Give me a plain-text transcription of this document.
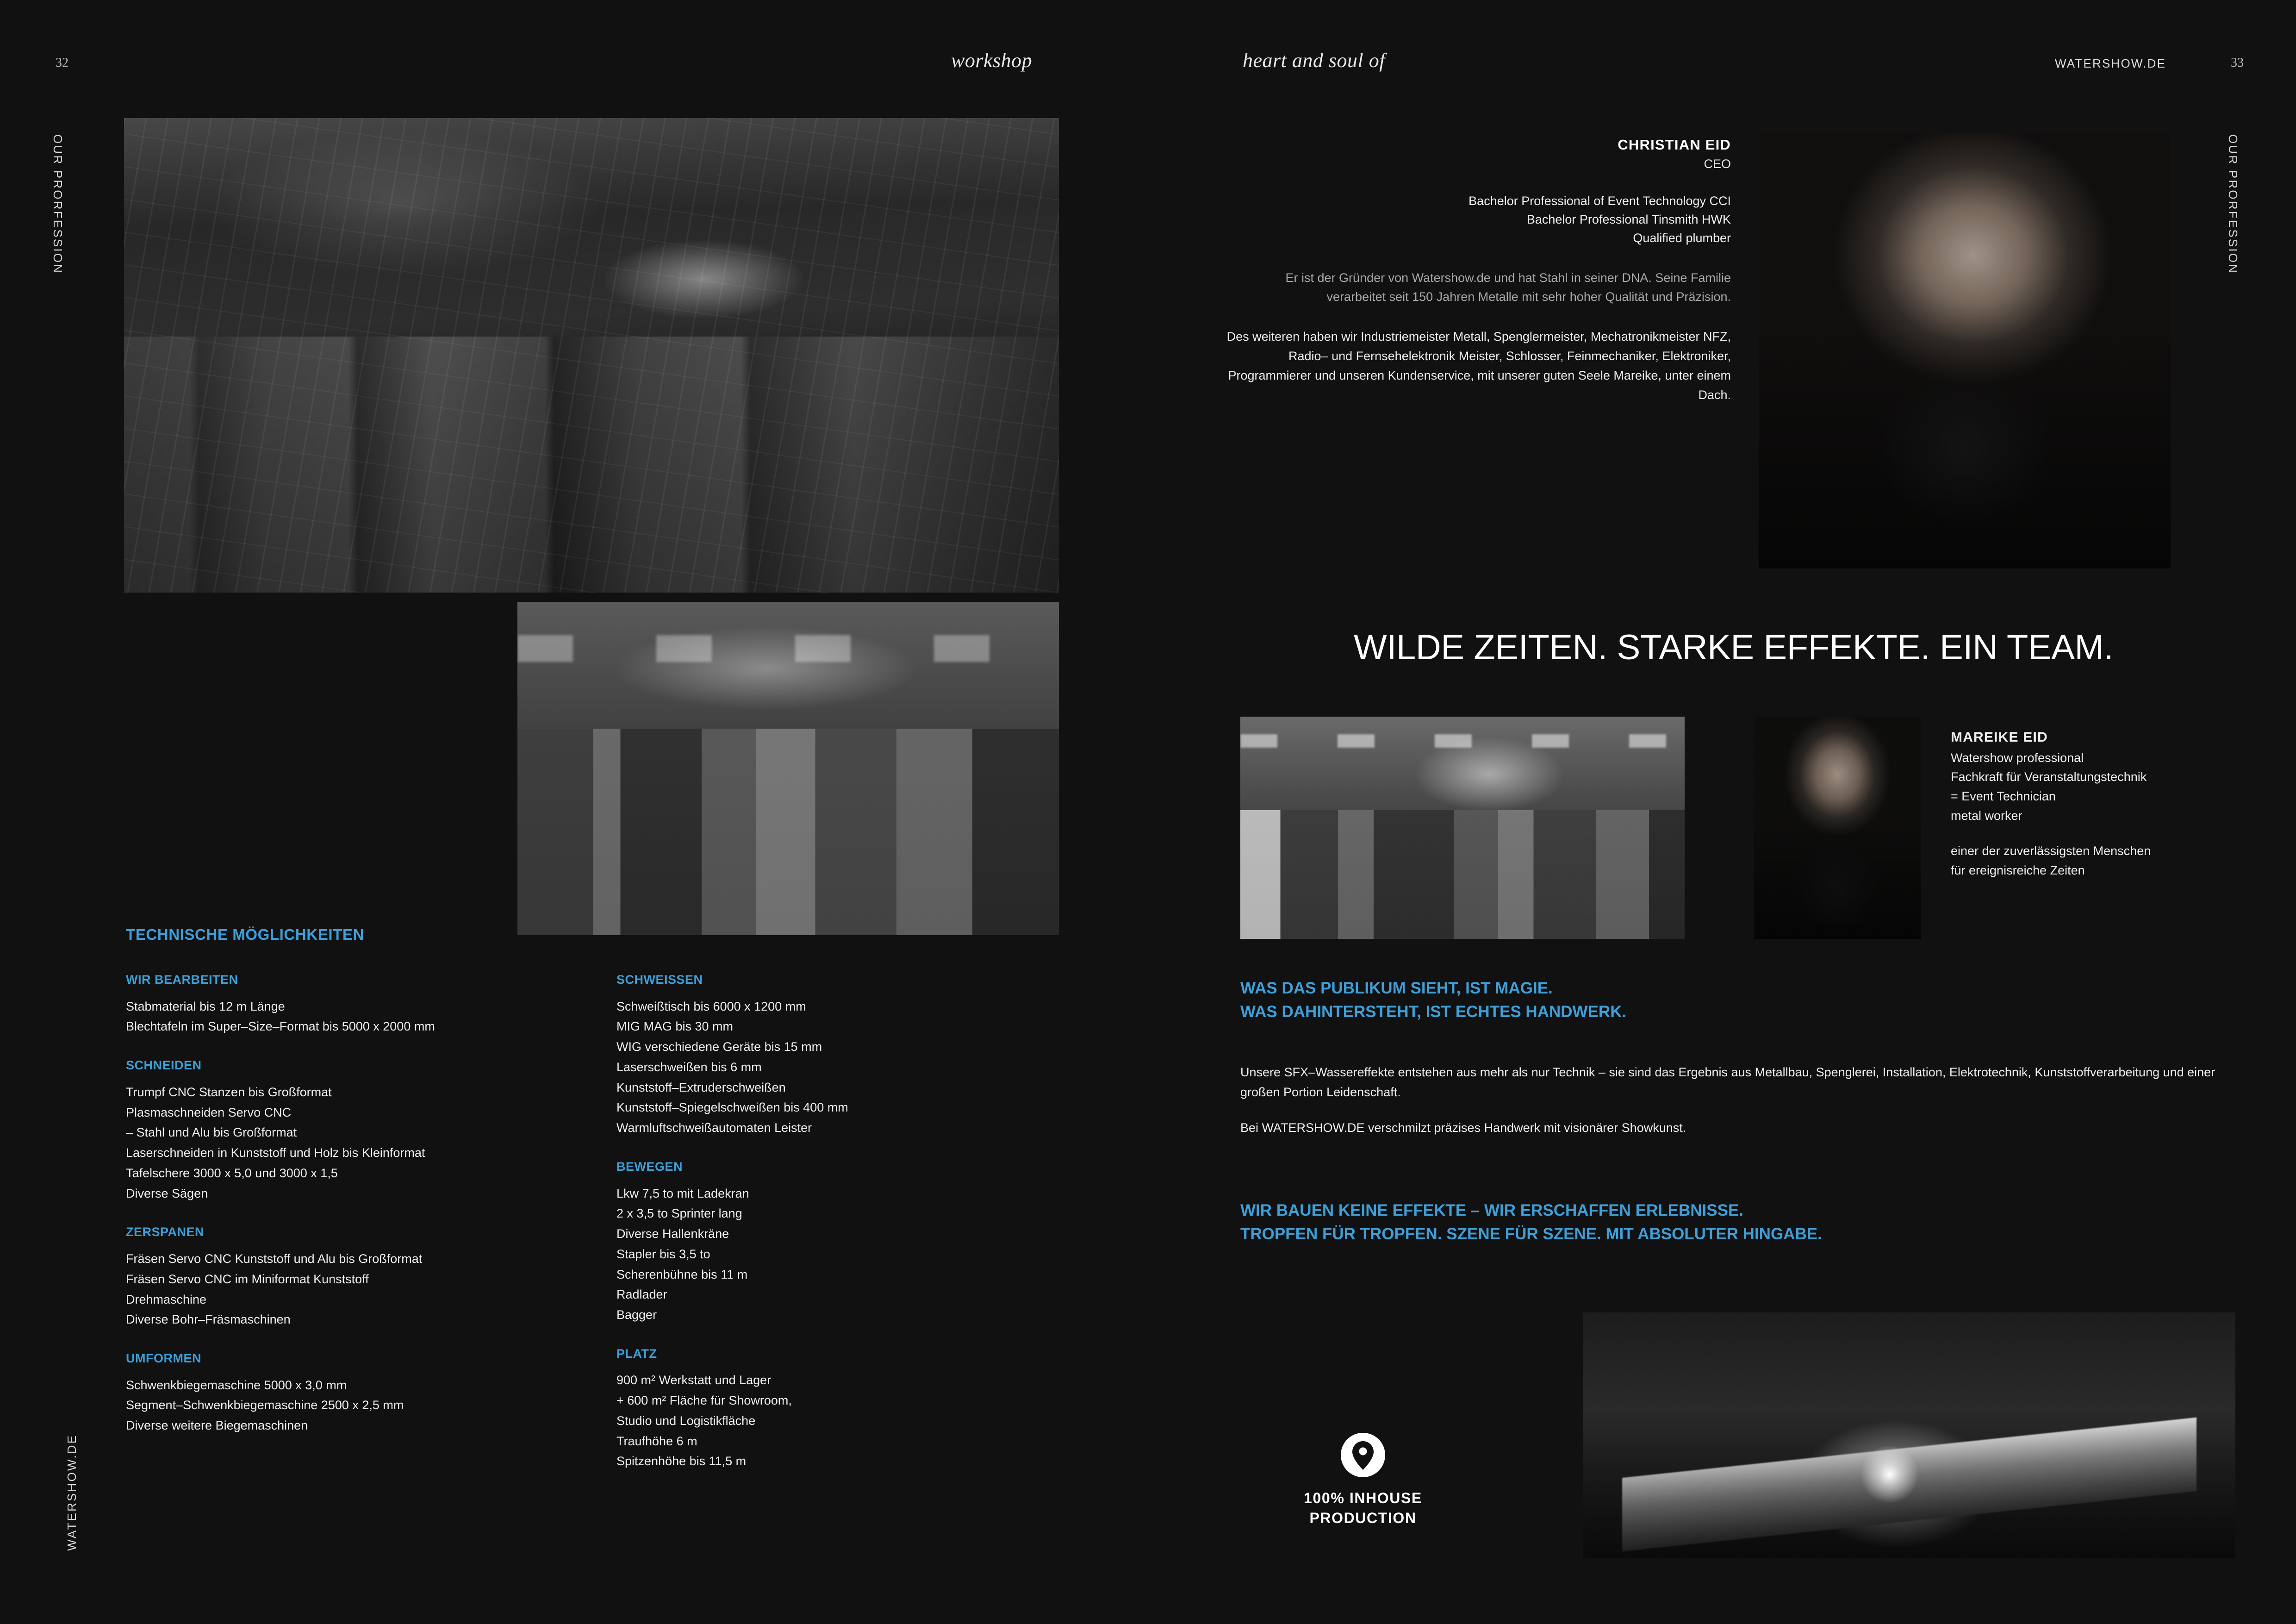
32	workshop	heart and soul of	WATERSHOW.DE	33
OUR PRORFESSION	OUR PRORFESSION
WATERSHOW.DE
TECHNISCHE MÖGLICHKEITEN
WIR BEARBEITEN

Stabmaterial bis 12 m Länge

Blechtafeln im Super–Size–Format bis 5000 x 2000 mm

SCHNEIDEN

Trumpf CNC Stanzen bis Großformat

Plasmaschneiden Servo CNC

– Stahl und Alu bis Großformat

Laserschneiden in Kunststoff und Holz bis Kleinformat

Tafelschere 3000 x 5,0 und 3000 x 1,5

Diverse Sägen

ZERSPANEN

Fräsen Servo CNC Kunststoff und Alu bis Großformat

Fräsen Servo CNC im Miniformat Kunststoff

Drehmaschine

Diverse Bohr–Fräsmaschinen

UMFORMEN

Schwenkbiegemaschine 5000 x 3,0 mm

Segment–Schwenkbiegemaschine 2500 x 2,5 mm

Diverse weitere Biegemaschinen

SCHWEISSEN

Schweißtisch bis 6000 x 1200 mm

MIG MAG bis 30 mm

WIG verschiedene Geräte bis 15 mm

Laserschweißen bis 6 mm

Kunststoff–Extruderschweißen

Kunststoff–Spiegelschweißen bis 400 mm

Warmluftschweißautomaten Leister

BEWEGEN

Lkw 7,5 to mit Ladekran

2 x 3,5 to Sprinter lang

Diverse Hallenkräne

Stapler bis 3,5 to

Scherenbühne bis 11 m

Radlader

Bagger

PLATZ

900 m² Werkstatt und Lager

+ 600 m² Fläche für Showroom,

Studio und Logistikfläche

Traufhöhe 6 m

Spitzenhöhe bis 11,5 m

CHRISTIAN EID

CEO

Bachelor Professional of Event Technology CCI

Bachelor Professional Tinsmith HWK

Qualified plumber

Er ist der Gründer von Watershow.de und hat Stahl in seiner DNA. Seine Familie verarbeitet seit 150 Jahren Metalle mit sehr hoher Qualität und Präzision.

Des weiteren haben wir Industriemeister Metall, Spenglermeister, Mechatronikmeister NFZ, Radio– und Fernsehelektronik Meister, Schlosser, Feinmechaniker, Elektroniker, Programmierer und unseren Kundenservice, mit unserer guten Seele Mareike, unter einem Dach.

WILDE ZEITEN. STARKE EFFEKTE. EIN TEAM.

MAREIKE EID

Watershow professional

Fachkraft für Veranstaltungstechnik

= Event Technician

metal worker

einer der zuverlässigsten Menschen

für ereignisreiche Zeiten

WAS DAS PUBLIKUM SIEHT, IST MAGIE.
WAS DAHINTERSTEHT, IST ECHTES HANDWERK.

Unsere SFX–Wassereffekte entstehen aus mehr als nur Technik – sie sind das Ergebnis aus Metallbau, Spenglerei, Installation, Elektrotechnik, Kunststoffverarbeitung und einer großen Portion Leidenschaft.

Bei WATERSHOW.DE verschmilzt präzises Handwerk mit visionärer Showkunst.

WIR BAUEN KEINE EFFEKTE – WIR ERSCHAFFEN ERLEBNISSE.
TROPFEN FÜR TROPFEN. SZENE FÜR SZENE. MIT ABSOLUTER HINGABE.
100% INHOUSE
PRODUCTION
